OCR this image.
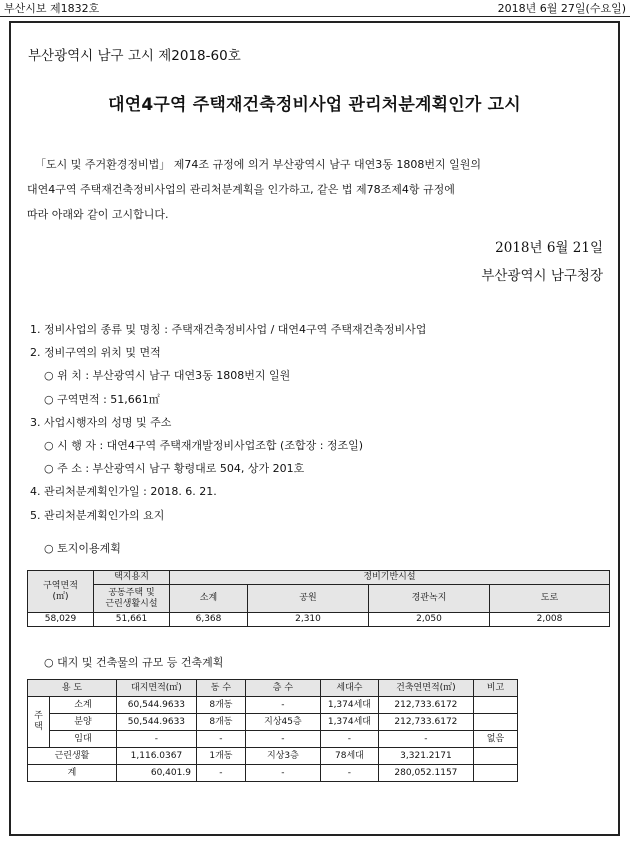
부산시보 제1832호	2018년 6월 27일(수요일)
부산광역시 남구 고시 제2018-60호
대연4구역 주택재건축정비사업 관리처분계획인가 고시

「도시 및 주거환경정비법」 제74조 규정에 의거 부산광역시 남구 대연3동 1808번지 일원의

대연4구역 주택재건축정비사업의 관리처분계획을 인가하고, 같은 법 제78조제4항 규정에

따라 아래와 같이 고시합니다.

2018년 6월 21일
부산광역시 남구청장
1. 정비사업의 종류 및 명칭 : 주택재건축정비사업 / 대연4구역 주택재건축정비사업
2. 정비구역의 위치 및 면적
○ 위 치 : 부산광역시 남구 대연3동 1808번지 일원
○ 구역면적 : 51,661㎡
3. 사업시행자의 성명 및 주소
○ 시 행 자 : 대연4구역 주택재개발정비사업조합 (조합장 : 정조일)
○ 주 소 : 부산광역시 남구 황령대로 504, 상가 201호
4. 관리처분계획인가일 : 2018. 6. 21.
5. 관리처분계획인가의 요지
○ 토지이용계획
구역면적
(㎡)	택지용지	정비기반시설			
	공동주택 및
근린생활시설	소계	공원	경관녹지	도로
58,029	51,661	6,368	2,310	2,050	2,008
○ 대지 및 건축물의 규모 등 건축계획
용 도		대지면적(㎡)	동 수	층 수	세대수	건축연면적(㎡)	비고
주택	소계	60,544.9633	8개동	-	1,374세대	212,733.6172	
	분양	50,544.9633	8개동	지상45층	1,374세대	212,733.6172	
	임대	-	-	-	-	-	없음
근린생활		1,116.0367	1개동	지상3층	78세대	3,321.2171	
계		60,401.9	-	-	-	280,052.1157	
